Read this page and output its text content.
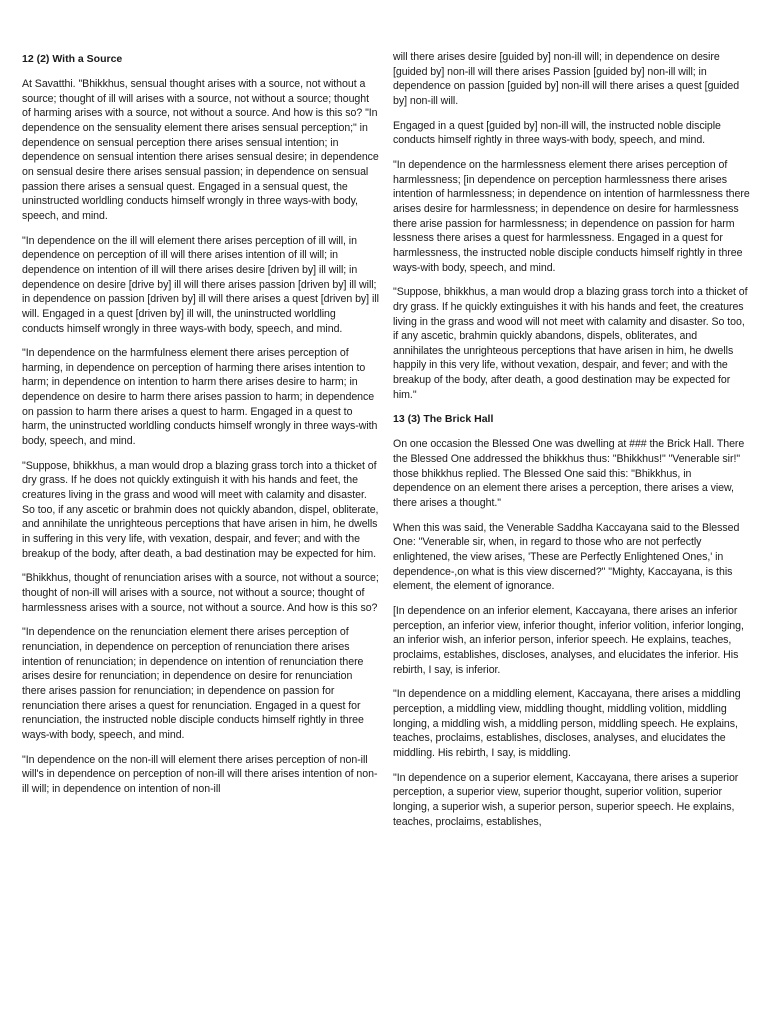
12 (2) With a Source

At Savatthi. "Bhikkhus, sensual thought arises with a source, not without a source; thought of ill will arises with a source, not without a source; thought of harming arises with a source, not without a source. And how is this so? "In dependence on the sensuality element there arises sensual perception;" in dependence on sensual perception there arises sensual intention; in dependence on sensual intention there arises sensual desire; in dependence on sensual desire there arises sensual passion; in dependence on sensual passion there arises a sensual quest. Engaged in a sensual quest, the uninstructed worldling conducts himself wrongly in three ways-with body, speech, and mind.

"In dependence on the ill will element there arises perception of ill will, in dependence on perception of ill will there arises intention of ill will; in dependence on intention of ill will there arises desire [driven by] ill will; in dependence on desire [drive by] ill will there arises passion [driven by] ill will; in dependence on passion [driven by] ill will there arises a quest [driven by] ill will. Engaged in a quest [driven by] ill will, the uninstructed worldling conducts himself wrongly in three ways-with body, speech, and mind.

"In dependence on the harmfulness element there arises perception of harming, in dependence on perception of harming there arises intention to harm; in dependence on intention to harm there arises desire to harm; in dependence on desire to harm there arises passion to harm; in dependence on passion to harm there arises a quest to harm. Engaged in a quest to harm, the uninstructed worldling conducts himself wrongly in three ways-with body, speech, and mind.

"Suppose, bhikkhus, a man would drop a blazing grass torch into a thicket of dry grass. If he does not quickly extinguish it with his hands and feet, the creatures living in the grass and wood will meet with calamity and disaster. So too, if any ascetic or brahmin does not quickly abandon, dispel, obliterate, and annihilate the unrighteous perceptions that have arisen in him, he dwells in suffering in this very life, with vexation, despair, and fever; and with the breakup of the body, after death, a bad destination may be expected for him.

"Bhikkhus, thought of renunciation arises with a source, not without a source; thought of non-ill will arises with a source, not without a source; thought of harmlessness arises with a source, not without a source. And how is this so?

"In dependence on the renunciation element there arises perception of renunciation, in dependence on perception of renunciation there arises intention of renunciation; in dependence on intention of renunciation there arises desire for renunciation; in dependence on desire for renunciation there arises passion for renunciation; in dependence on passion for renunciation there arises a quest for renunciation. Engaged in a quest for renunciation, the instructed noble disciple conducts himself rightly in three ways-with body, speech, and mind.

"In dependence on the non-ill will element there arises perception of non-ill will's in dependence on perception of non-ill will there arises intention of non-ill will; in dependence on intention of non-ill

will there arises desire [guided by] non-ill will; in dependence on desire [guided by] non-ill will there arises Passion [guided by] non-ill will; in dependence on passion [guided by] non-ill will there arises a quest [guided by] non-ill will.

Engaged in a quest [guided by] non-ill will, the instructed noble disciple conducts himself rightly in three ways-with body, speech, and mind.

"In dependence on the harmlessness element there arises perception of harmlessness; [in dependence on perception harmlessness there arises intention of harmlessness; in dependence on intention of harmlessness there arises desire for harmlessness; in dependence on desire for harmlessness there arise passion for harmlessness; in dependence on passion for harm lessness there arises a quest for harmlessness. Engaged in a quest for harmlessness, the instructed noble disciple conducts himself rightly in three ways-with body, speech, and mind.

"Suppose, bhikkhus, a man would drop a blazing grass torch into a thicket of dry grass. If he quickly extinguishes it with his hands and feet, the creatures living in the grass and wood will not meet with calamity and disaster. So too, if any ascetic, brahmin quickly abandons, dispels, obliterates, and annihilates the unrighteous perceptions that have arisen in him, he dwells happily in this very life, without vexation, despair, and fever; and with the breakup of the body, after death, a good destination may be expected for him."

13 (3) The Brick Hall

On one occasion the Blessed One was dwelling at ### the Brick Hall. There the Blessed One addressed the bhikkhus thus: "Bhikkhus!" "Venerable sir!" those bhikkhus replied. The Blessed One said this: "Bhikkhus, in dependence on an element there arises a perception, there arises a view, there arises a thought."

When this was said, the Venerable Saddha Kaccayana said to the Blessed One: "Venerable sir, when, in regard to those who are not perfectly enlightened, the view arises, 'These are Perfectly Enlightened Ones,' in dependence-,on what is this view discerned?" "Mighty, Kaccayana, is this element, the element of ignorance.

[In dependence on an inferior element, Kaccayana, there arises an inferior perception, an inferior view, inferior thought, inferior volition, inferior longing, an inferior wish, an inferior person, inferior speech. He explains, teaches, proclaims, establishes, discloses, analyses, and elucidates the inferior. His rebirth, I say, is inferior.

"In dependence on a middling element, Kaccayana, there arises a middling perception, a middling view, middling thought, middling volition, middling longing, a middling wish, a middling person, middling speech. He explains, teaches, proclaims, establishes, discloses, analyses, and elucidates the middling. His rebirth, I say, is middling.

"In dependence on a superior element, Kaccayana, there arises a superior perception, a superior view, superior thought, superior volition, superior longing, a superior wish, a superior person, superior speech. He explains, teaches, proclaims, establishes,
